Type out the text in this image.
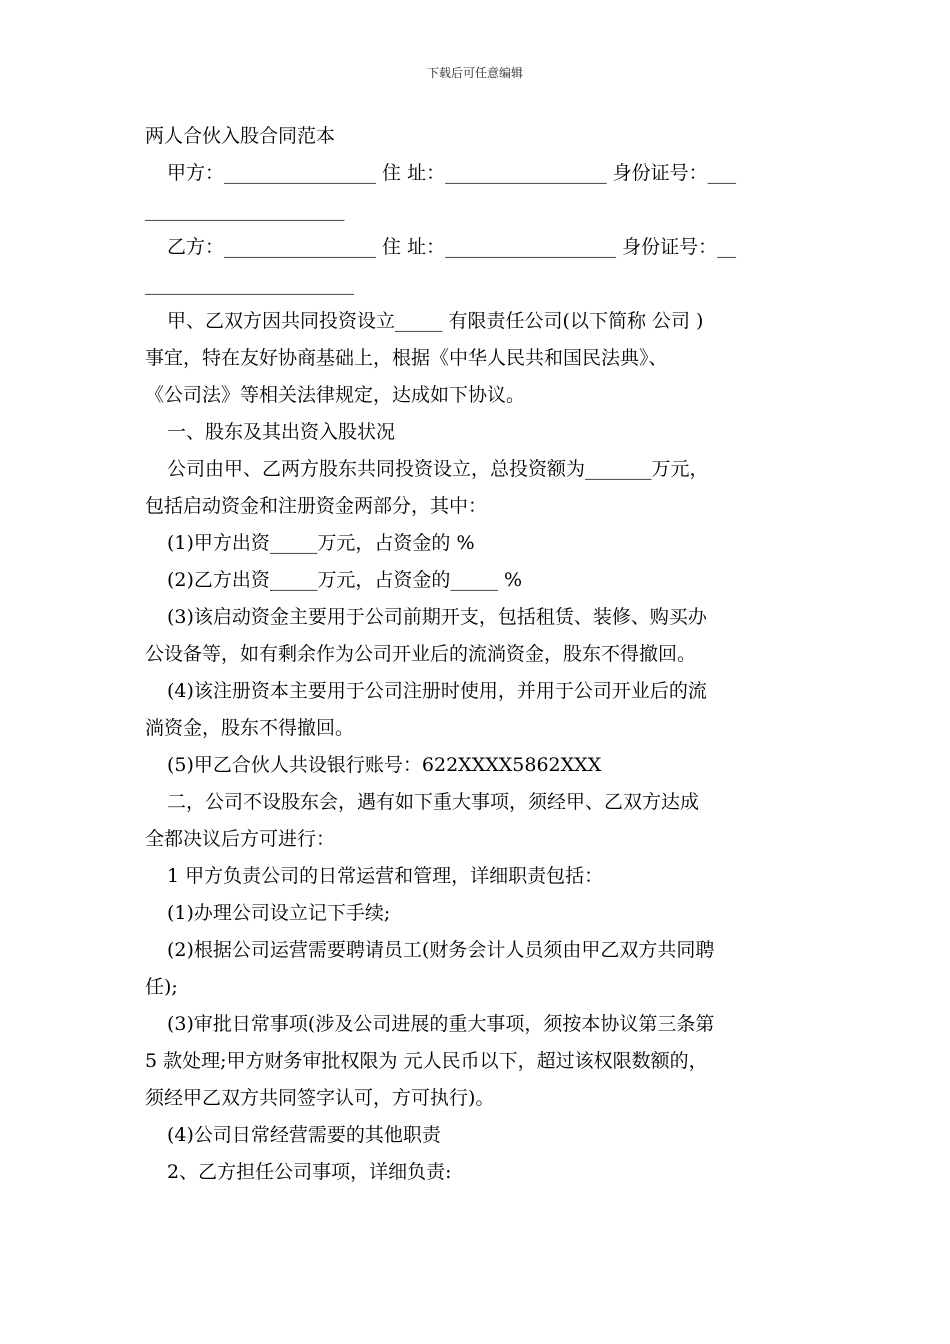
下载后可任意编辑
两人合伙入股合同范本
甲方：________________ 住 址：_________________ 身份证号：___
_____________________
乙方：________________ 住 址：__________________ 身份证号：__
______________________
甲、乙双方因共同投资设立_____ 有限责任公司(以下简称 公司 )
事宜，特在友好协商基础上，根据《中华人民共和国民法典》、
《公司法》等相关法律规定，达成如下协议。
一、股东及其出资入股状况
公司由甲、乙两方股东共同投资设立，总投资额为_______万元，
包括启动资金和注册资金两部分，其中：
(1)甲方出资_____万元，占资金的 %
(2)乙方出资_____万元，占资金的_____ %
(3)该启动资金主要用于公司前期开支，包括租赁、装修、购买办
公设备等，如有剩余作为公司开业后的流淌资金，股东不得撤回。
(4)该注册资本主要用于公司注册时使用，并用于公司开业后的流
淌资金，股东不得撤回。
(5)甲乙合伙人共设银行账号：622XXXX5862XXX
二，公司不设股东会，遇有如下重大事项，须经甲、乙双方达成
全都决议后方可进行：
1 甲方负责公司的日常运营和管理，详细职责包括：
(1)办理公司设立记下手续;
(2)根据公司运营需要聘请员工(财务会计人员须由甲乙双方共同聘
任);
(3)审批日常事项(涉及公司进展的重大事项，须按本协议第三条第
5 款处理;甲方财务审批权限为 元人民币以下，超过该权限数额的，
须经甲乙双方共同签字认可，方可执行)。
(4)公司日常经营需要的其他职责
2、乙方担任公司事项，详细负责:
